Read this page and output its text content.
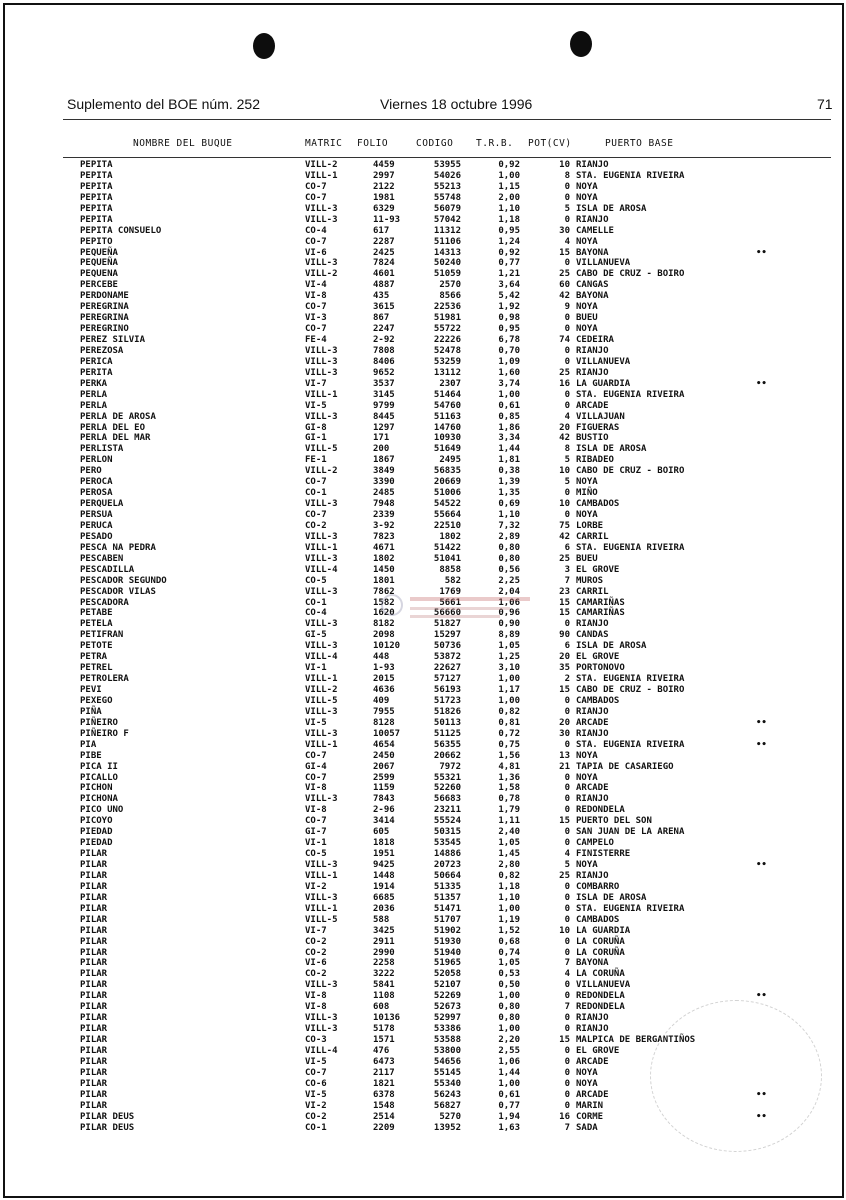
Suplemento del BOE núm. 252	Viernes 18 octubre 1996	71
NOMBRE DEL BUQUE	MATRIC FOLIO	CODIGO T.R.B. POT(CV)	PUERTO BASE
PEPITA	VILL-2	4459	53955	0,92	10 RIANJO
PEPITA	VILL-1	2997	54026	1,00	8 STA. EUGENIA RIVEIRA
PEPITA	CO-7	2122	55213	1,15	0 NOYA
PEPITA	CO-7	1981	55748	2,00	0 NOYA
PEPITA	VILL-3	6329	56079	1,10	5 ISLA DE AROSA
PEPITA	VILL-3	11-93	57042	1,18	0 RIANJO
PEPITA CONSUELO	CO-4	617	11312	0,95	30 CAMELLE
PEPITO	CO-7	2287	51106	1,24	4 NOYA
PEQUEÑA	VI-6	2425	14313	0,92	15 BAYONA	••
PEQUEÑA	VILL-3	7824	50240	0,77	0 VILLANUEVA
PEQUENA	VILL-2	4601	51059	1,21	25 CABO DE CRUZ - BOIRO
PERCEBE	VI-4	4887	2570	3,64	60 CANGAS
PERDONAME	VI-8	435	8566	5,42	42 BAYONA
PEREGRINA	CO-7	3615	22536	1,92	9 NOYA
PEREGRINA	VI-3	867	51981	0,98	0 BUEU
PEREGRINO	CO-7	2247	55722	0,95	0 NOYA
PEREZ SILVIA	FE-4	2-92	22226	6,78	74 CEDEIRA
PEREZOSA	VILL-3	7808	52478	0,70	0 RIANJO
PERICA	VILL-3	8406	53259	1,09	0 VILLANUEVA
PERITA	VILL-3	9652	13112	1,60	25 RIANJO
PERKA	VI-7	3537	2307	3,74	16 LA GUARDIA	••
PERLA	VILL-1	3145	51464	1,00	0 STA. EUGENIA RIVEIRA
PERLA	VI-5	9799	54760	0,61	0 ARCADE
PERLA DE AROSA	VILL-3	8445	51163	0,85	4 VILLAJUAN
PERLA DEL EO	GI-8	1297	14760	1,86	20 FIGUERAS
PERLA DEL MAR	GI-1	171	10930	3,34	42 BUSTIO
PERLISTA	VILL-5	200	51649	1,44	8 ISLA DE AROSA
PERLON	FE-1	1867	2495	1,81	5 RIBADEO
PERO	VILL-2	3849	56835	0,38	10 CABO DE CRUZ - BOIRO
PEROCA	CO-7	3390	20669	1,39	5 NOYA
PEROSA	CO-1	2485	51006	1,35	0 MIÑO
PERQUELA	VILL-3	7948	54522	0,69	10 CAMBADOS
PERSUA	CO-7	2339	55664	1,10	0 NOYA
PERUCA	CO-2	3-92	22510	7,32	75 LORBE
PESADO	VILL-3	7823	1802	2,89	42 CARRIL
PESCA NA PEDRA	VILL-1	4671	51422	0,80	6 STA. EUGENIA RIVEIRA
PESCABEN	VILL-3	1802	51041	0,80	25 BUEU
PESCADILLA	VILL-4	1450	8858	0,56	3 EL GROVE
PESCADOR SEGUNDO	CO-5	1801	582	2,25	7 MUROS
PESCADOR VILAS	VILL-3	7862	1769	2,04	23 CARRIL
PESCADORA	CO-1	1582	5661	1,06	15 CAMARIÑAS
PETABE	CO-4	1620	56660	0,96	15 CAMARIÑAS
PETELA	VILL-3	8182	51827	0,90	0 RIANJO
PETIFRAN	GI-5	2098	15297	8,89	90 CANDAS
PETOTE	VILL-3	10120	50736	1,05	6 ISLA DE AROSA
PETRA	VILL-4	448	53872	1,25	20 EL GROVE
PETREL	VI-1	1-93	22627	3,10	35 PORTONOVO
PETROLERA	VILL-1	2015	57127	1,00	2 STA. EUGENIA RIVEIRA
PEVI	VILL-2	4636	56193	1,17	15 CABO DE CRUZ - BOIRO
PEXEGO	VILL-5	409	51723	1,00	0 CAMBADOS
PIÑA	VILL-3	7955	51826	0,82	0 RIANJO
PIÑEIRO	VI-5	8128	50113	0,81	20 ARCADE	••
PIÑEIRO F	VILL-3	10057	51125	0,72	30 RIANJO
PIA	VILL-1	4654	56355	0,75	0 STA. EUGENIA RIVEIRA	••
PIBE	CO-7	2450	20662	1,56	13 NOYA
PICA II	GI-4	2067	7972	4,81	21 TAPIA DE CASARIEGO
PICALLO	CO-7	2599	55321	1,36	0 NOYA
PICHON	VI-8	1159	52260	1,58	0 ARCADE
PICHONA	VILL-3	7843	56683	0,78	0 RIANJO
PICO UNO	VI-8	2-96	23211	1,79	0 REDONDELA
PICOYO	CO-7	3414	55524	1,11	15 PUERTO DEL SON
PIEDAD	GI-7	605	50315	2,40	0 SAN JUAN DE LA ARENA
PIEDAD	VI-1	1818	53545	1,05	0 CAMPELO
PILAR	CO-5	1951	14886	1,45	4 FINISTERRE
PILAR	VILL-3	9425	20723	2,80	5 NOYA	••
PILAR	VILL-1	1448	50664	0,82	25 RIANJO
PILAR	VI-2	1914	51335	1,18	0 COMBARRO
PILAR	VILL-3	6685	51357	1,10	0 ISLA DE AROSA
PILAR	VILL-1	2036	51471	1,00	0 STA. EUGENIA RIVEIRA
PILAR	VILL-5	588	51707	1,19	0 CAMBADOS
PILAR	VI-7	3425	51902	1,52	10 LA GUARDIA
PILAR	CO-2	2911	51930	0,68	0 LA CORUÑA
PILAR	CO-2	2990	51940	0,74	0 LA CORUÑA
PILAR	VI-6	2258	51965	1,05	7 BAYONA
PILAR	CO-2	3222	52058	0,53	4 LA CORUÑA
PILAR	VILL-3	5841	52107	0,50	0 VILLANUEVA
PILAR	VI-8	1108	52269	1,00	0 REDONDELA	••
PILAR	VI-8	608	52673	0,80	7 REDONDELA
PILAR	VILL-3	10136	52997	0,80	0 RIANJO
PILAR	VILL-3	5178	53386	1,00	0 RIANJO
PILAR	CO-3	1571	53588	2,20	15 MALPICA DE BERGANTIÑOS
PILAR	VILL-4	476	53800	2,55	0 EL GROVE
PILAR	VI-5	6473	54656	1,06	0 ARCADE
PILAR	CO-7	2117	55145	1,44	0 NOYA
PILAR	CO-6	1821	55340	1,00	0 NOYA
PILAR	VI-5	6378	56243	0,61	0 ARCADE	••
PILAR	VI-2	1548	56827	0,77	0 MARIN
PILAR DEUS	CO-2	2514	5270	1,94	16 CORME	••
PILAR DEUS	CO-1	2209	13952	1,63	7 SADA
